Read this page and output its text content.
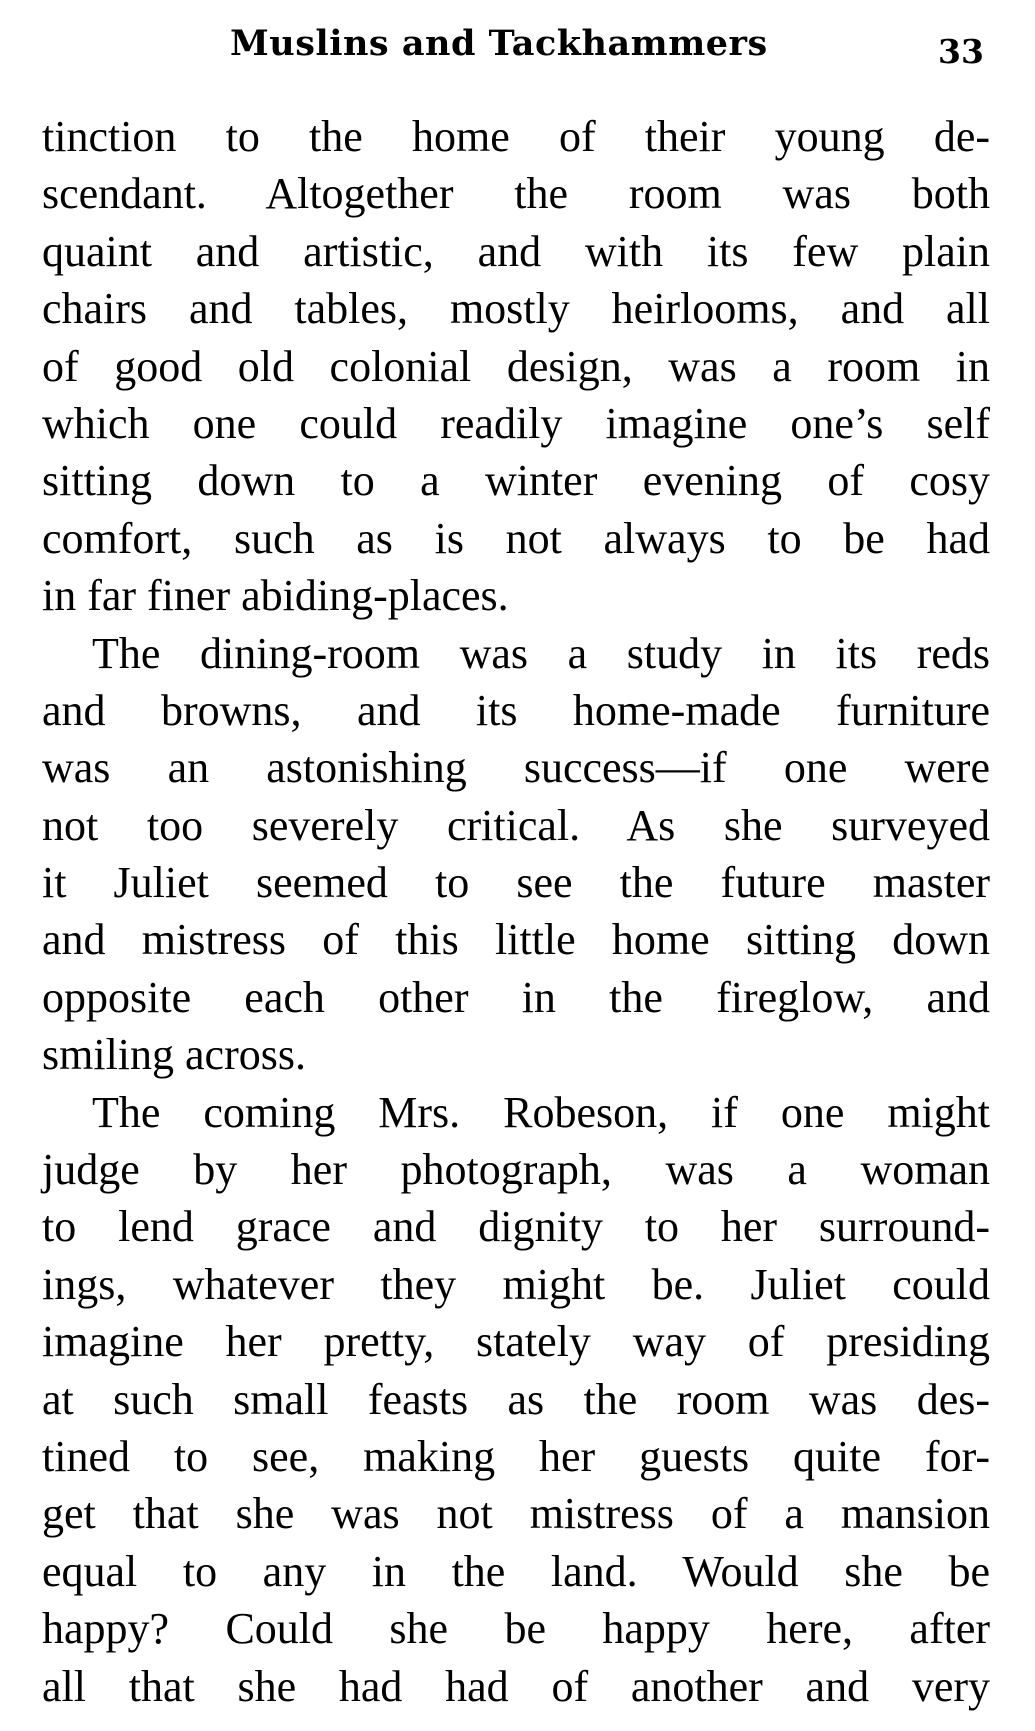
Muslins and Tackhammers	33

tinction to the home of their young de-
scendant. Altogether the room was both
quaint and artistic, and with its few plain
chairs and tables, mostly heirlooms, and all
of good old colonial design, was a room in
which one could readily imagine one’s self
sitting down to a winter evening of cosy
comfort, such as is not always to be had
in far finer abiding-places.

The dining-room was a study in its reds
and browns, and its home-made furniture
was an astonishing success—if one were
not too severely critical. As she surveyed
it Juliet seemed to see the future master
and mistress of this little home sitting down
opposite each other in the fireglow, and
smiling across.

The coming Mrs. Robeson, if one might
judge by her photograph, was a woman
to lend grace and dignity to her surround-
ings, whatever they might be. Juliet could
imagine her pretty, stately way of presiding
at such small feasts as the room was des-
tined to see, making her guests quite for-
get that she was not mistress of a mansion
equal to any in the land. Would she be
happy? Could she be happy here, after
all that she had had of another and very
